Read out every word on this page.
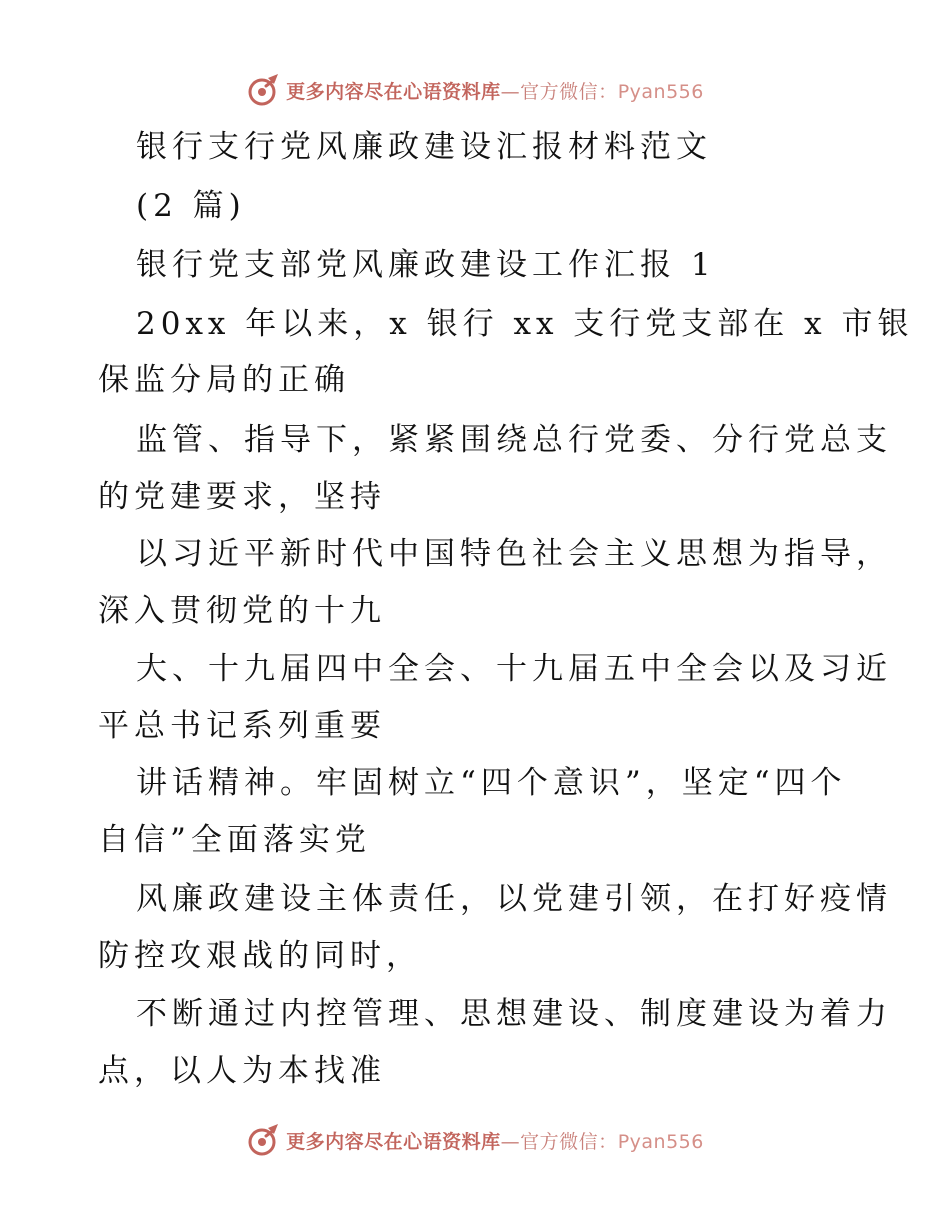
更多内容尽在心语资料库—官方微信：Pyan556
银行支行党风廉政建设汇报材料范文
(2 篇)
银行党支部党风廉政建设工作汇报 1
20xx 年以来，x 银行 xx 支行党支部在 x 市银
保监分局的正确
监管、指导下，紧紧围绕总行党委、分行党总支
的党建要求，坚持
以习近平新时代中国特色社会主义思想为指导，
深入贯彻党的十九
大、十九届四中全会、十九届五中全会以及习近
平总书记系列重要
讲话精神。牢固树立“四个意识”，坚定“四个
自信”全面落实党
风廉政建设主体责任，以党建引领，在打好疫情
防控攻艰战的同时，
不断通过内控管理、思想建设、制度建设为着力
点，以人为本找准
更多内容尽在心语资料库—官方微信：Pyan556
